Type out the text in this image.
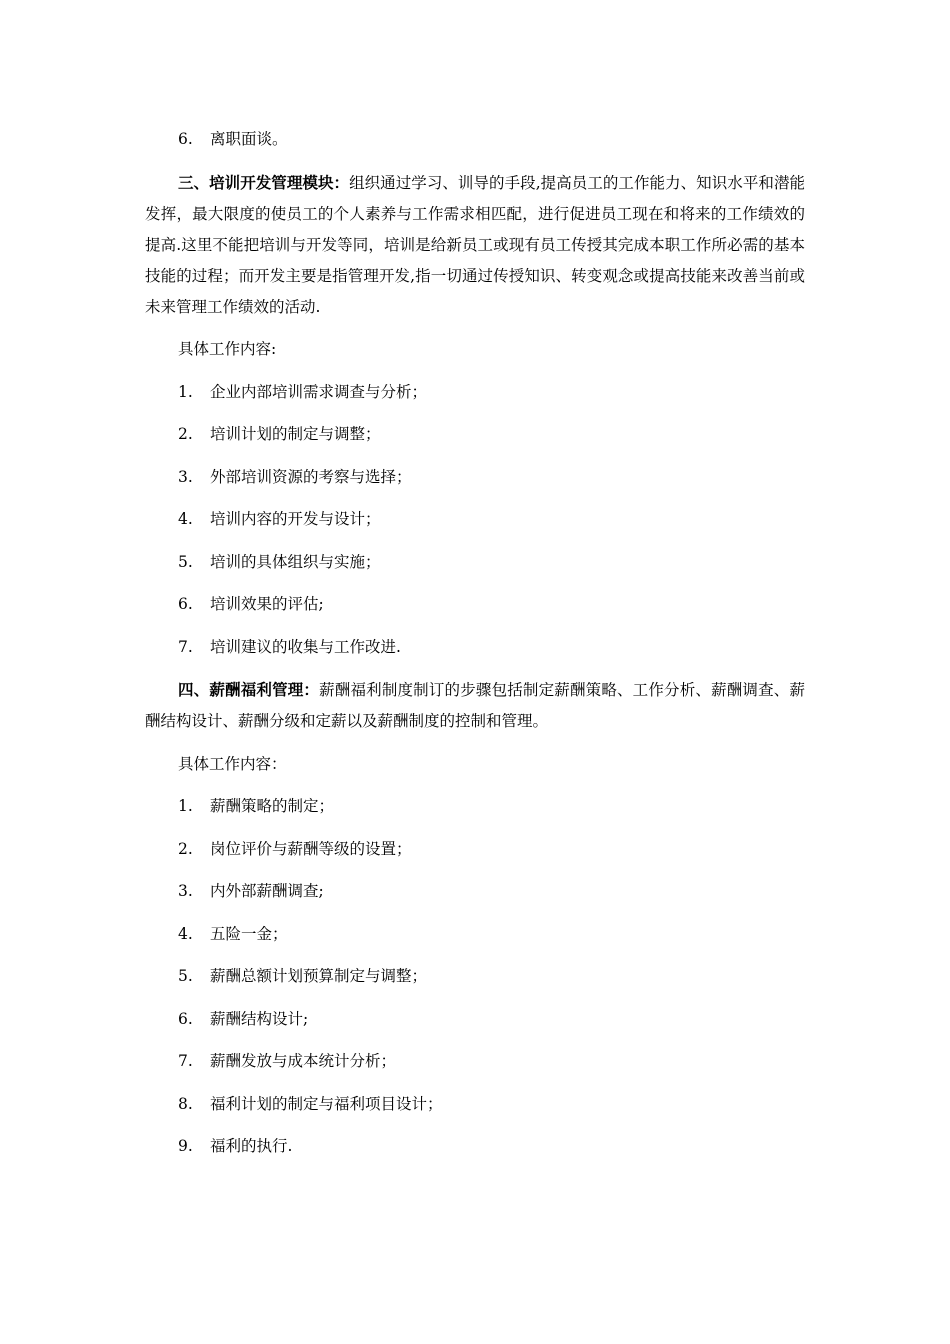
6. 离职面谈。
三、培训开发管理模块：组织通过学习、训导的手段,提高员工的工作能力、知识水平和潜能发挥，最大限度的使员工的个人素养与工作需求相匹配，进行促进员工现在和将来的工作绩效的提高.这里不能把培训与开发等同，培训是给新员工或现有员工传授其完成本职工作所必需的基本技能的过程；而开发主要是指管理开发,指一切通过传授知识、转变观念或提高技能来改善当前或未来管理工作绩效的活动.
具体工作内容:
1. 企业内部培训需求调查与分析；
2. 培训计划的制定与调整；
3. 外部培训资源的考察与选择；
4. 培训内容的开发与设计；
5. 培训的具体组织与实施；
6. 培训效果的评估;
7. 培训建议的收集与工作改进.
四、薪酬福利管理：薪酬福利制度制订的步骤包括制定薪酬策略、工作分析、薪酬调查、薪酬结构设计、薪酬分级和定薪以及薪酬制度的控制和管理。
具体工作内容：
1. 薪酬策略的制定；
2. 岗位评价与薪酬等级的设置；
3. 内外部薪酬调查;
4. 五险一金；
5. 薪酬总额计划预算制定与调整；
6. 薪酬结构设计;
7. 薪酬发放与成本统计分析；
8. 福利计划的制定与福利项目设计；
9. 福利的执行.
